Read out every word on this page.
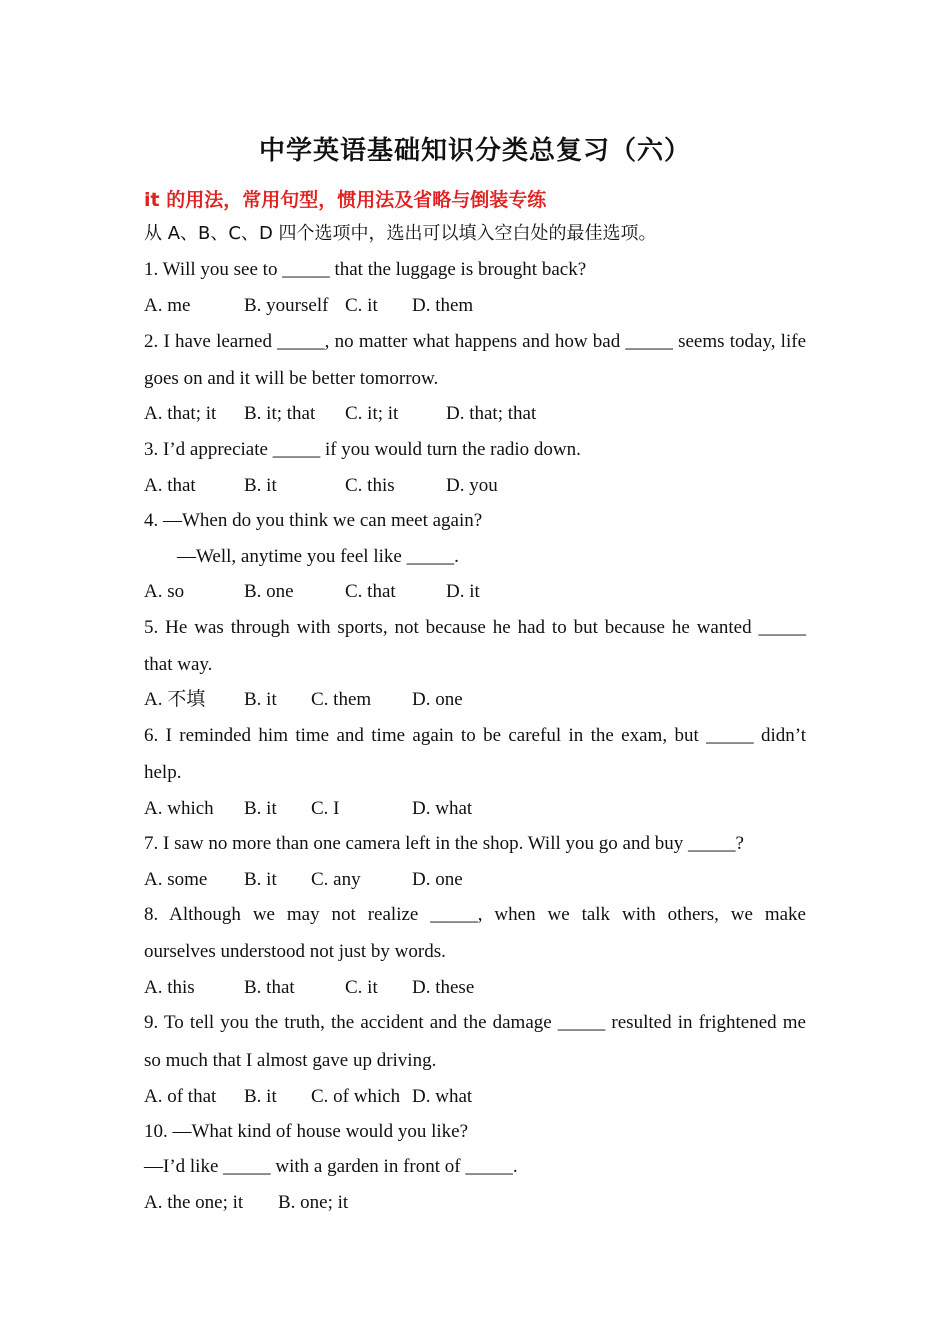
中学英语基础知识分类总复习（六）
it 的用法，常用句型，惯用法及省略与倒装专练
从 A、B、C、D 四个选项中，选出可以填入空白处的最佳选项。
1. Will you see to _____ that the luggage is brought back?
A. me	B. yourself C. it D. them
2. I have learned _____, no matter what happens and how bad _____ seems today, life
goes on and it will be better tomorrow.
A. that; it B. it; that C. it; it	D. that; that
3. I’d appreciate _____ if you would turn the radio down.
A. that	B. it	C. this	D. you
4. —When do you think we can meet again?
—Well, anytime you feel like _____.
A. so	B. one	C. that	D. it
5. He was through with sports, not because he had to but because he wanted _____
that way.
A. 不填 B. it C. them D. one
6. I reminded him time and time again to be careful in the exam, but _____ didn’t
help.
A. which B. it C. I	D. what
7. I saw no more than one camera left in the shop. Will you go and buy _____?
A. some B. it C. any	D. one
8. Although we may not realize _____, when we talk with others, we make
ourselves understood not just by words.
A. this	B. that	C. it D. these
9. To tell you the truth, the accident and the damage _____ resulted in frightened me
so much that I almost gave up driving.
A. of that B. it C. of which D. what
10. —What kind of house would you like?
—I’d like _____ with a garden in front of _____.
A. the one; it B. one; it
